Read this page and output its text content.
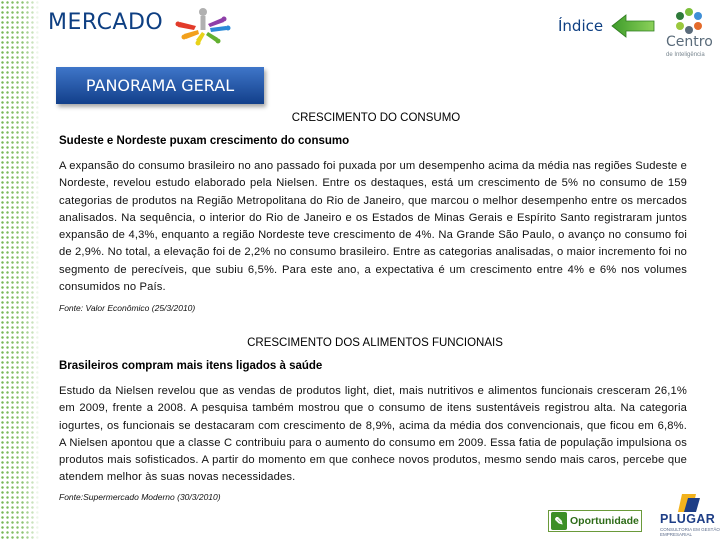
MERCADO	Índice
Centro
de Inteligência
PANORAMA GERAL
CRESCIMENTO DO CONSUMO
Sudeste e Nordeste puxam crescimento do consumo
A expansão do consumo brasileiro no ano passado foi puxada por um desempenho acima da média nas regiões Sudeste e Nordeste, revelou estudo elaborado pela Nielsen. Entre os destaques, está um crescimento de 5% no consumo de 159 categorias de produtos na Região Metropolitana do Rio de Janeiro, que marcou o melhor desempenho entre os mercados analisados. Na sequência, o interior do Rio de Janeiro e os Estados de Minas Gerais e Espírito Santo registraram juntos expansão de 4,3%, enquanto a região Nordeste teve crescimento de 4%. Na Grande São Paulo, o avanço no consumo foi de 2,9%. No total, a elevação foi de 2,2% no consumo brasileiro. Entre as categorias analisadas, o maior incremento foi no segmento de perecíveis, que subiu 6,5%. Para este ano, a expectativa é um crescimento entre 4% e 6% nos volumes consumidos no País.
Fonte: Valor Econômico (25/3/2010)
CRESCIMENTO DOS ALIMENTOS FUNCIONAIS
Brasileiros compram mais itens ligados à saúde
Estudo da Nielsen revelou que as vendas de produtos light, diet, mais nutritivos e alimentos funcionais cresceram 26,1% em 2009, frente a 2008. A pesquisa também mostrou que o consumo de itens sustentáveis registrou alta. Na categoria iogurtes, os funcionais se destacaram com crescimento de 8,9%, acima da média dos convencionais, que ficou em 6,8%. A Nielsen apontou que a classe C contribuiu para o aumento do consumo em 2009. Essa fatia de população impulsiona os produtos mais sofisticados. A partir do momento em que conhece novos produtos, mesmo sendo mais caros, percebe que atendem melhor às suas novas necessidades.
Fonte:Supermercado Moderno (30/3/2010)
✎ Oportunidade PLUGAR
CONSULTORIA EM GESTÃO EMPRESARIAL
